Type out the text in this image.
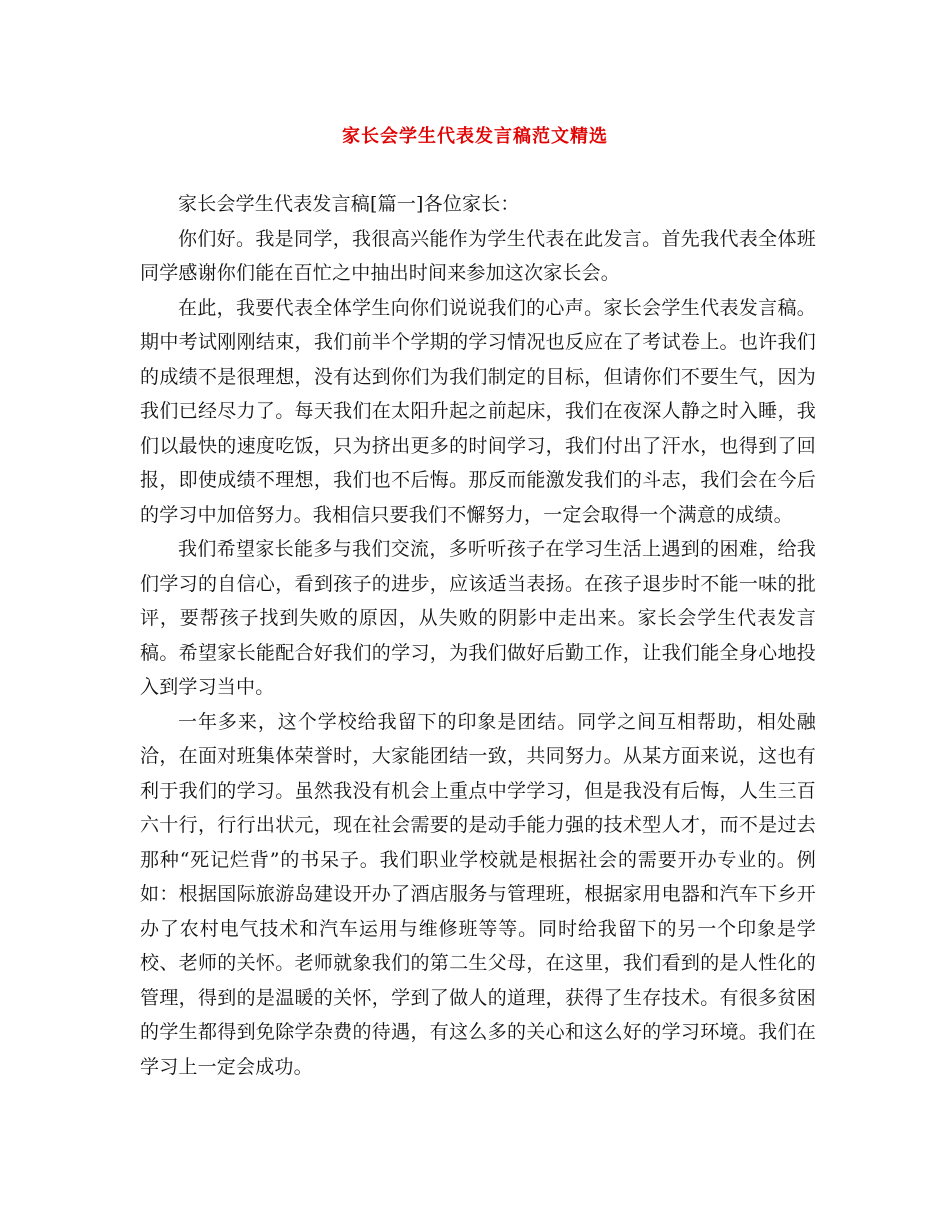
家长会学生代表发言稿范文精选

家长会学生代表发言稿[篇一]各位家长：

你们好。我是同学，我很高兴能作为学生代表在此发言。首先我代表全体班同学感谢你们能在百忙之中抽出时间来参加这次家长会。

在此，我要代表全体学生向你们说说我们的心声。家长会学生代表发言稿。期中考试刚刚结束，我们前半个学期的学习情况也反应在了考试卷上。也许我们的成绩不是很理想，没有达到你们为我们制定的目标，但请你们不要生气，因为我们已经尽力了。每天我们在太阳升起之前起床，我们在夜深人静之时入睡，我们以最快的速度吃饭，只为挤出更多的时间学习，我们付出了汗水，也得到了回报，即使成绩不理想，我们也不后悔。那反而能激发我们的斗志，我们会在今后的学习中加倍努力。我相信只要我们不懈努力，一定会取得一个满意的成绩。

我们希望家长能多与我们交流，多听听孩子在学习生活上遇到的困难，给我们学习的自信心，看到孩子的进步，应该适当表扬。在孩子退步时不能一味的批评，要帮孩子找到失败的原因，从失败的阴影中走出来。家长会学生代表发言稿。希望家长能配合好我们的学习，为我们做好后勤工作，让我们能全身心地投入到学习当中。

一年多来，这个学校给我留下的印象是团结。同学之间互相帮助，相处融洽，在面对班集体荣誉时，大家能团结一致，共同努力。从某方面来说，这也有利于我们的学习。虽然我没有机会上重点中学学习，但是我没有后悔，人生三百六十行，行行出状元，现在社会需要的是动手能力强的技术型人才，而不是过去那种“死记烂背”的书呆子。我们职业学校就是根据社会的需要开办专业的。例如：根据国际旅游岛建设开办了酒店服务与管理班，根据家用电器和汽车下乡开办了农村电气技术和汽车运用与维修班等等。同时给我留下的另一个印象是学校、老师的关怀。老师就象我们的第二生父母，在这里，我们看到的是人性化的管理，得到的是温暖的关怀，学到了做人的道理，获得了生存技术。有很多贫困的学生都得到免除学杂费的待遇，有这么多的关心和这么好的学习环境。我们在学习上一定会成功。
